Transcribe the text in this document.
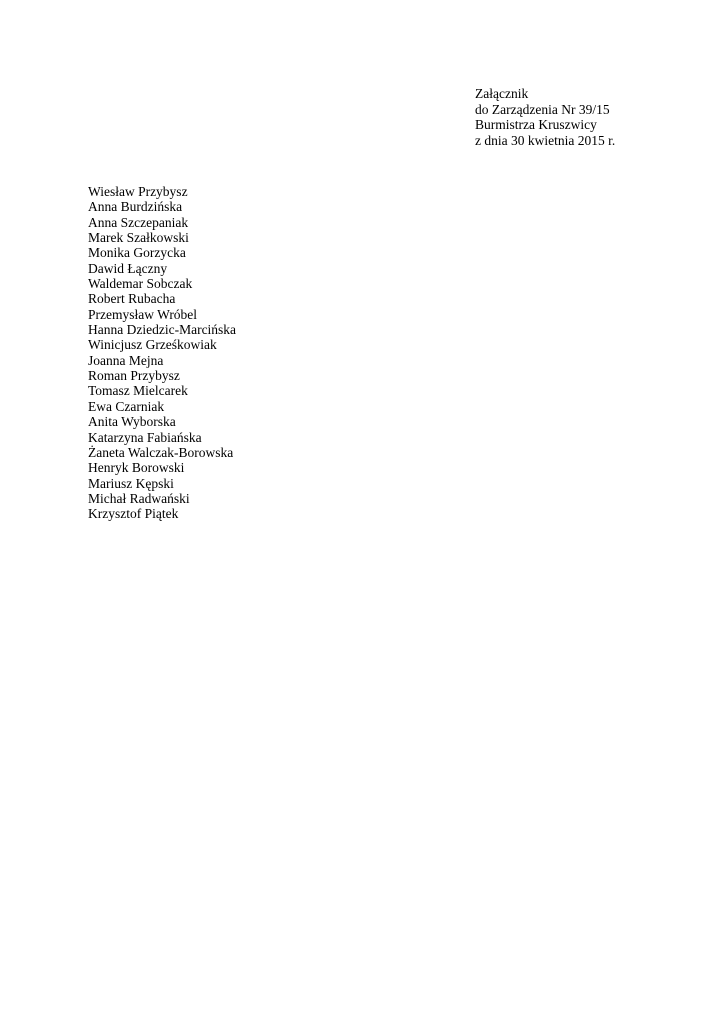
Załącznik
do Zarządzenia Nr 39/15
Burmistrza Kruszwicy
z dnia 30 kwietnia 2015 r.
Wiesław Przybysz
Anna Burdzińska
Anna Szczepaniak
Marek Szałkowski
Monika Gorzycka
Dawid Łączny
Waldemar Sobczak
Robert Rubacha
Przemysław Wróbel
Hanna Dziedzic-Marcińska
Winicjusz Grześkowiak
Joanna Mejna
Roman Przybysz
Tomasz Mielcarek
Ewa Czarniak
Anita Wyborska
Katarzyna Fabiańska
Żaneta Walczak-Borowska
Henryk Borowski
Mariusz Kępski
Michał Radwański
Krzysztof Piątek
